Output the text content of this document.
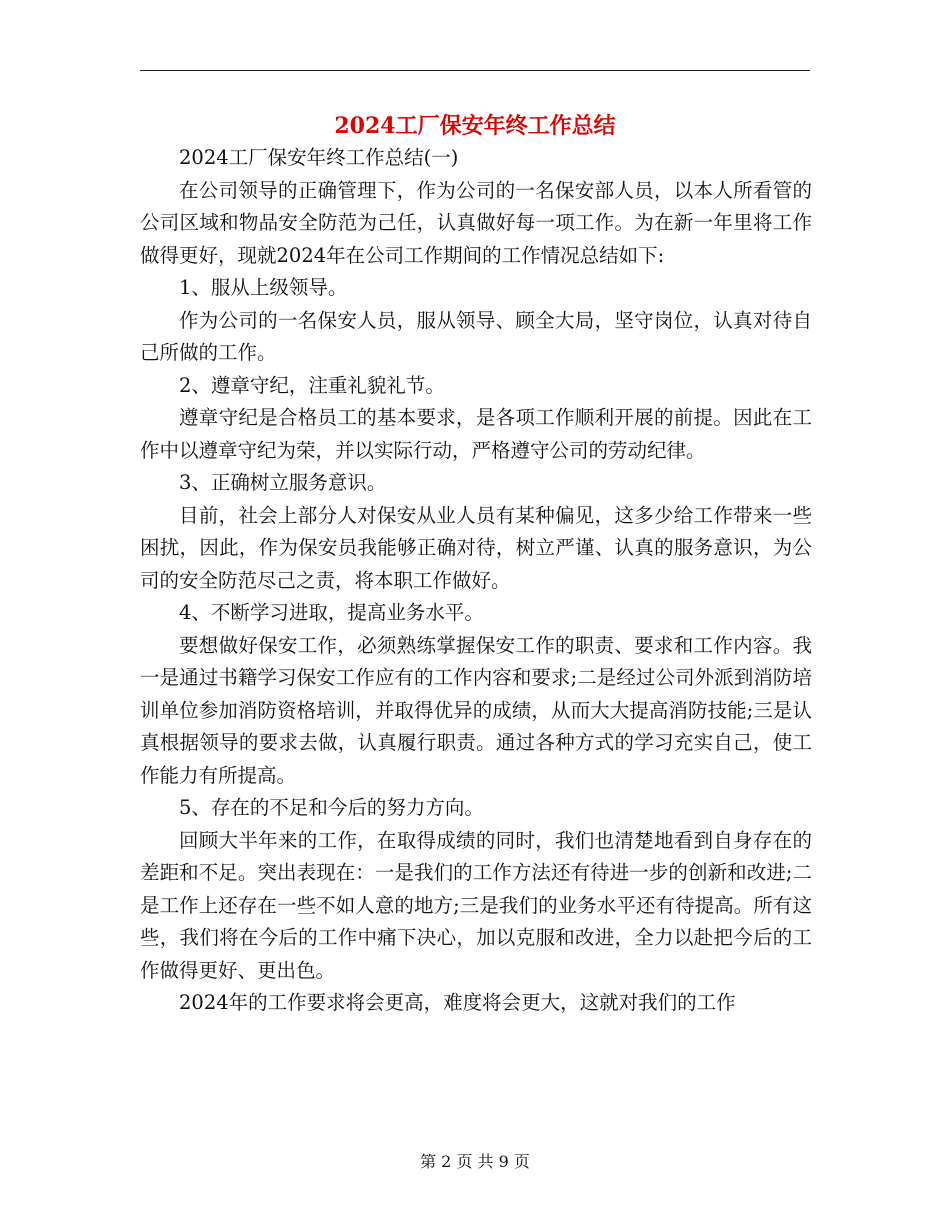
2024工厂保安年终工作总结

2024工厂保安年终工作总结(一)

在公司领导的正确管理下，作为公司的一名保安部人员，以本人所看管的公司区域和物品安全防范为己任，认真做好每一项工作。为在新一年里将工作做得更好，现就2024年在公司工作期间的工作情况总结如下:

1、服从上级领导。

作为公司的一名保安人员，服从领导、顾全大局，坚守岗位，认真对待自己所做的工作。

2、遵章守纪，注重礼貌礼节。

遵章守纪是合格员工的基本要求，是各项工作顺利开展的前提。因此在工作中以遵章守纪为荣，并以实际行动，严格遵守公司的劳动纪律。

3、正确树立服务意识。

目前，社会上部分人对保安从业人员有某种偏见，这多少给工作带来一些困扰，因此，作为保安员我能够正确对待，树立严谨、认真的服务意识，为公司的安全防范尽己之责，将本职工作做好。

4、不断学习进取，提高业务水平。

要想做好保安工作，必须熟练掌握保安工作的职责、要求和工作内容。我一是通过书籍学习保安工作应有的工作内容和要求;二是经过公司外派到消防培训单位参加消防资格培训，并取得优异的成绩，从而大大提高消防技能;三是认真根据领导的要求去做，认真履行职责。通过各种方式的学习充实自己，使工作能力有所提高。

5、存在的不足和今后的努力方向。

回顾大半年来的工作，在取得成绩的同时，我们也清楚地看到自身存在的差距和不足。突出表现在：一是我们的工作方法还有待进一步的创新和改进;二是工作上还存在一些不如人意的地方;三是我们的业务水平还有待提高。所有这些，我们将在今后的工作中痛下决心，加以克服和改进，全力以赴把今后的工作做得更好、更出色。

2024年的工作要求将会更高，难度将会更大，这就对我们的工作

第 2 页 共 9 页
